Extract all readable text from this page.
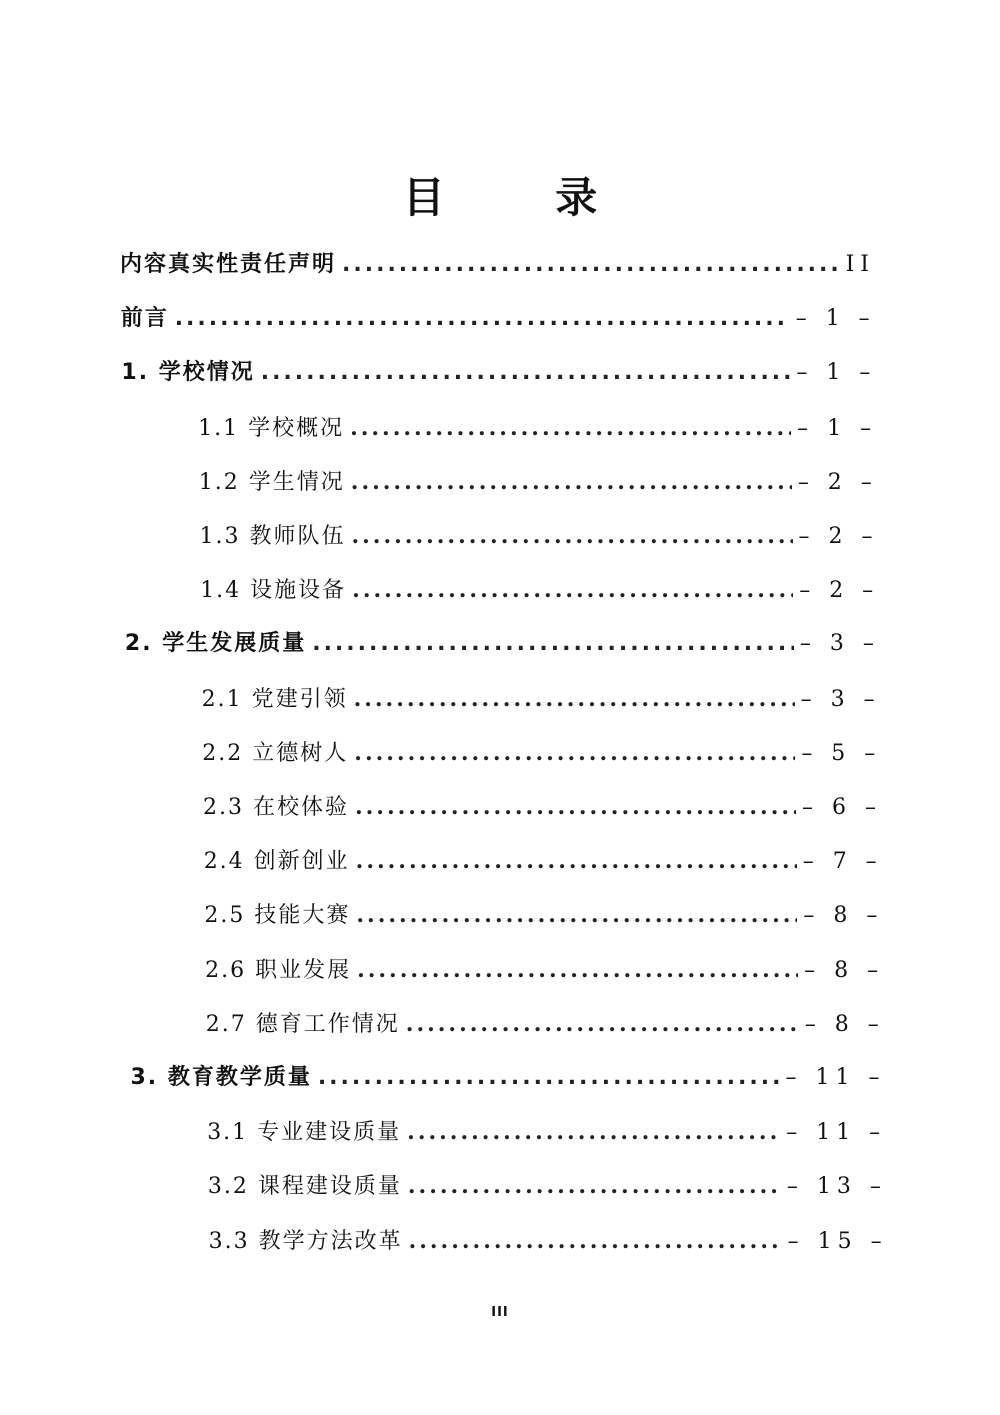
目 录
内容真实性责任声明 .....	II
前言 .....	– 1 –
1. 学校情况 .....	– 1 –
1.1 学校概况 .....	– 1 –
1.2 学生情况 .....	– 2 –
1.3 教师队伍 .....	– 2 –
1.4 设施设备 .....	– 2 –
2. 学生发展质量 .....	– 3 –
2.1 党建引领 .....	– 3 –
2.2 立德树人 .....	– 5 –
2.3 在校体验 .....	– 6 –
2.4 创新创业 .....	– 7 –
2.5 技能大赛 .....	– 8 –
2.6 职业发展 .....	– 8 –
2.7 德育工作情况 .....	– 8 –
3. 教育教学质量 .....	– 11 –
3.1 专业建设质量 .....	– 11 –
3.2 课程建设质量 .....	– 13 –
3.3 教学方法改革 .....	– 15 –
III
